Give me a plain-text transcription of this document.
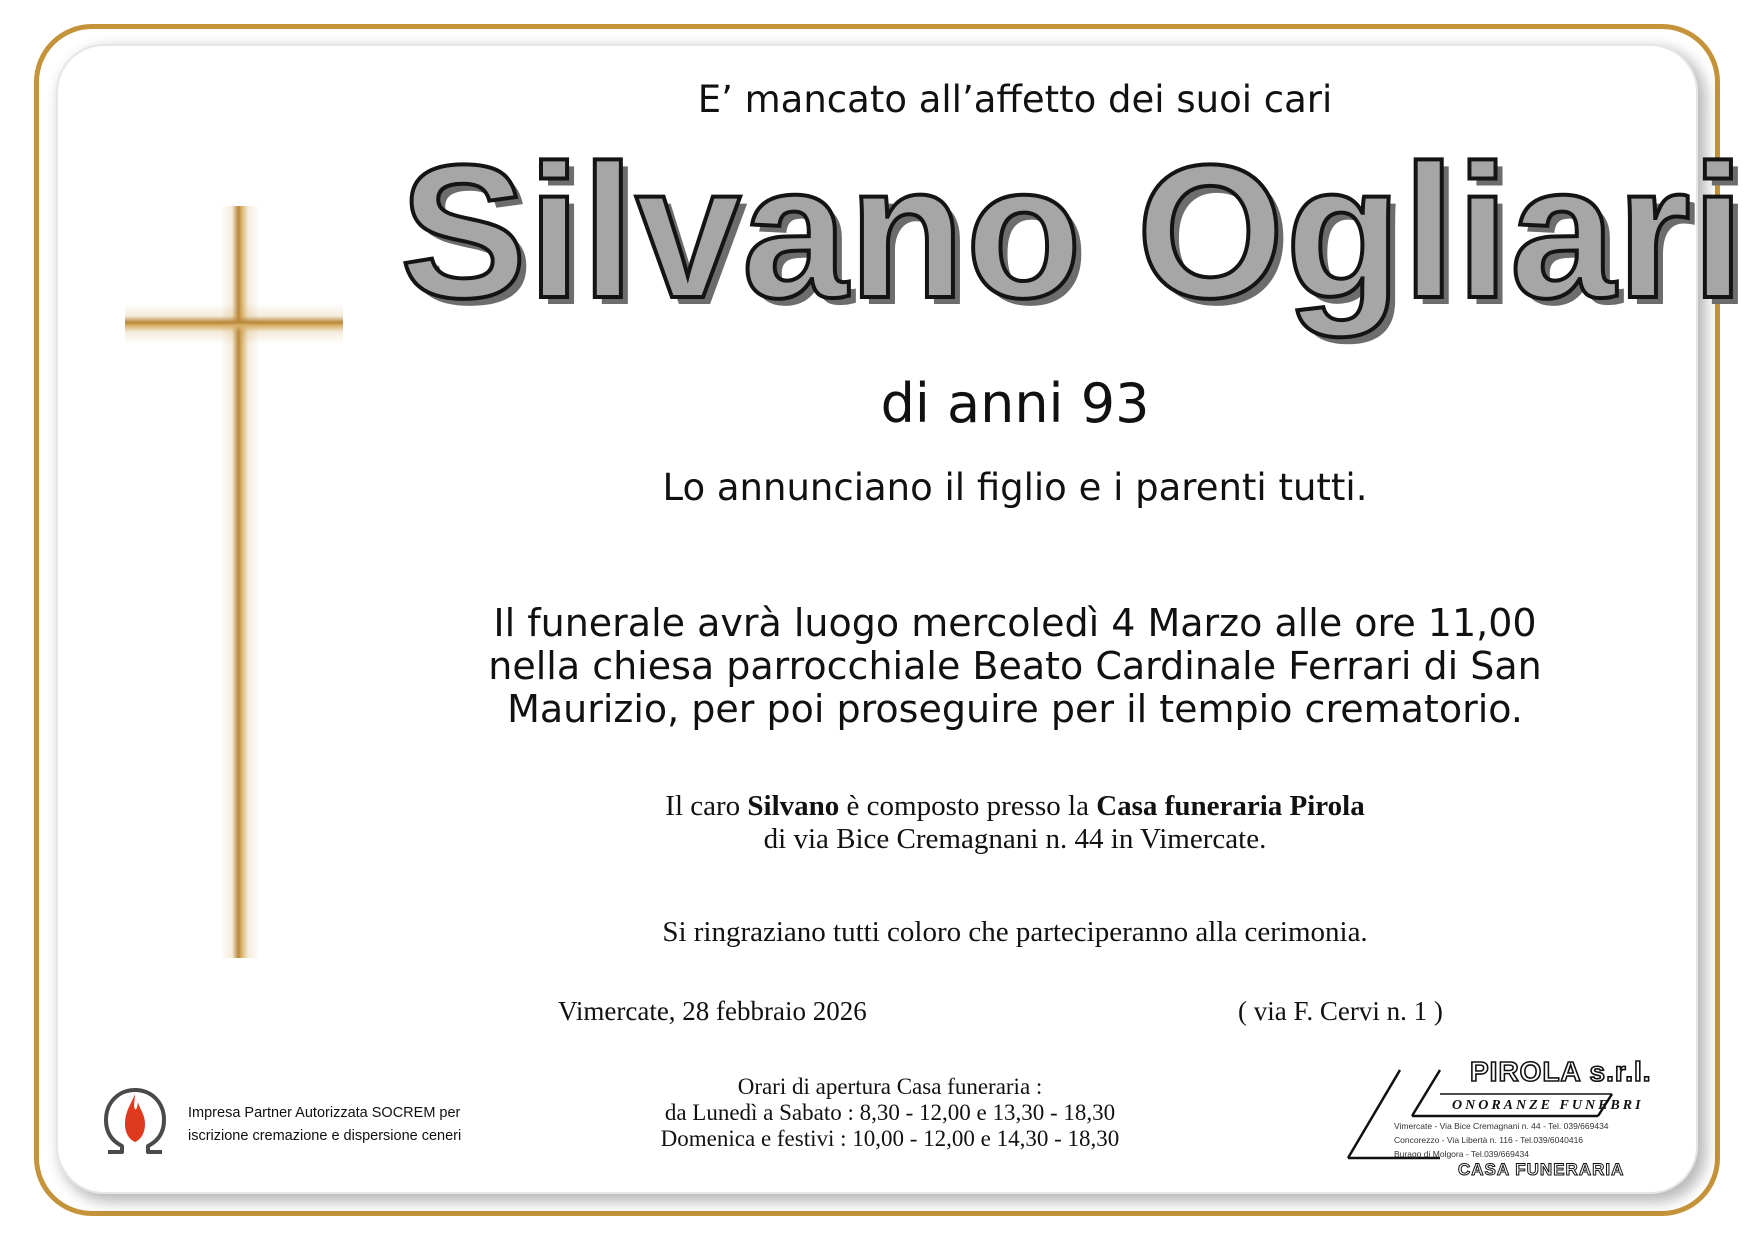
E’ mancato all’affetto dei suoi cari
Silvano Ogliari
di anni 93
Lo annunciano il figlio e i parenti tutti.
Il funerale avrà luogo mercoledì 4 Marzo alle ore 11,00
nella chiesa parrocchiale Beato Cardinale Ferrari di San
Maurizio, per poi proseguire per il tempio crematorio.
Il caro Silvano è composto presso la Casa funeraria Pirola
di via Bice Cremagnani n. 44 in Vimercate.
Si ringraziano tutti coloro che parteciperanno alla cerimonia.
Vimercate, 28 febbraio 2026	( via F. Cervi n. 1 )
Orari di apertura Casa funeraria :
da Lunedì a Sabato : 8,30 - 12,00 e 13,30 - 18,30
Domenica e festivi : 10,00 - 12,00 e 14,30 - 18,30
Impresa Partner Autorizzata SOCREM per
iscrizione cremazione e dispersione ceneri
PIROLA s.r.l.
ONORANZE FUNEBRI
Vimercate - Via Bice Cremagnani n. 44 - Tel. 039/669434
Concorezzo - Via Libertà n. 116 - Tel.039/6040416
Burago di Molgora - Tel.039/669434
CASA FUNERARIA
